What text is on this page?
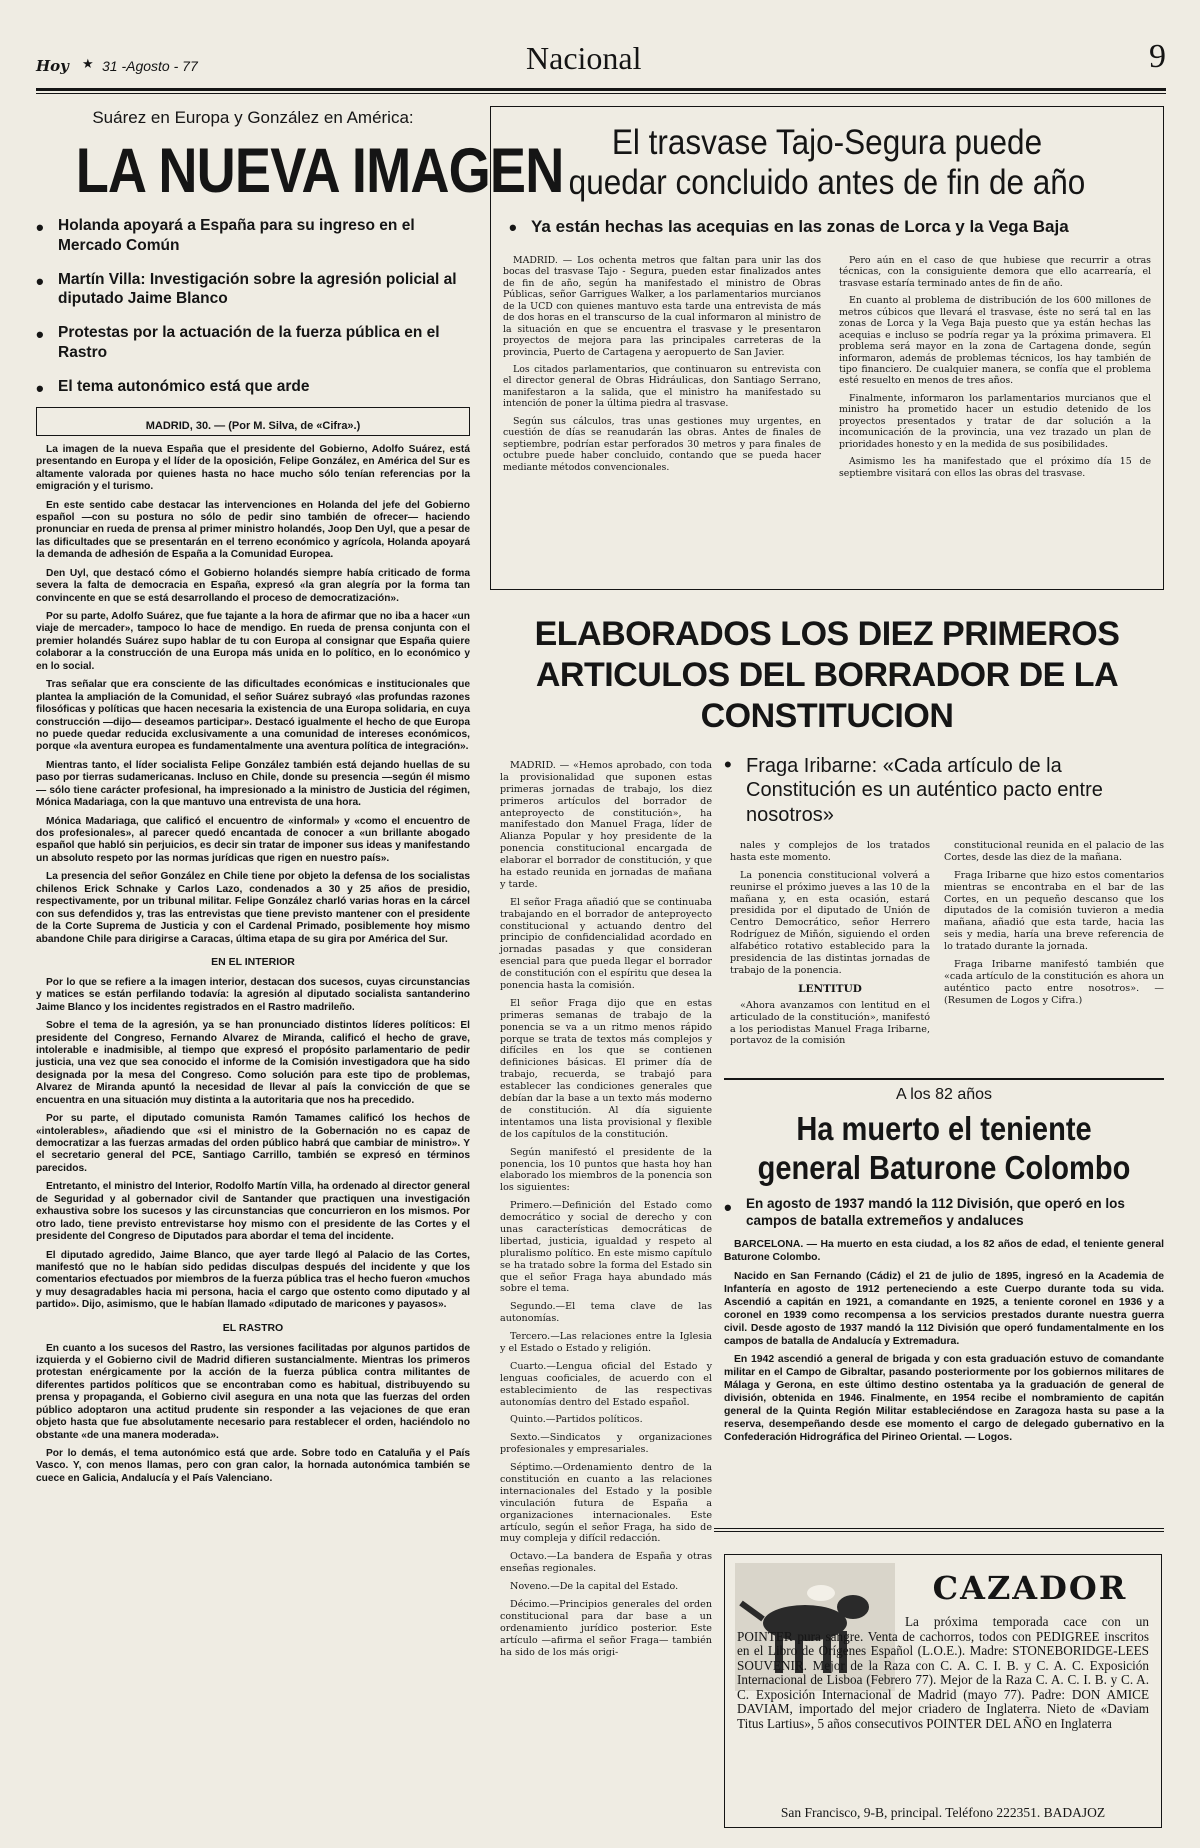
Hoy ★ 31 -Agosto - 77	Nacional	9
Suárez en Europa y González en América:
LA NUEVA IMAGEN
• Holanda apoyará a España para su ingreso en el Mercado Común
• Martín Villa: Investigación sobre la agresión policial al diputado Jaime Blanco
• Protestas por la actuación de la fuerza pública en el Rastro
• El tema autonómico está que arde
MADRID, 30. — (Por M. Silva, de «Cifra».)

La imagen de la nueva España que el presidente del Gobierno, Adolfo Suárez, está presentando en Europa y el líder de la oposición, Felipe González, en América del Sur es altamente valorada por quienes hasta no hace mucho sólo tenían referencias por la emigración y el turismo.

En este sentido cabe destacar las intervenciones en Holanda del jefe del Gobierno español —con su postura no sólo de pedir sino también de ofrecer— haciendo pronunciar en rueda de prensa al primer ministro holandés, Joop Den Uyl, que a pesar de las dificultades que se presentarán en el terreno económico y agrícola, Holanda apoyará la demanda de adhesión de España a la Comunidad Europea.

Den Uyl, que destacó cómo el Gobierno holandés siempre había criticado de forma severa la falta de democracia en España, expresó «la gran alegría por la forma tan convincente en que se está desarrollando el proceso de democratización».

Por su parte, Adolfo Suárez, que fue tajante a la hora de afirmar que no iba a hacer «un viaje de mercader», tampoco lo hace de mendigo. En rueda de prensa conjunta con el premier holandés Suárez supo hablar de tu con Europa al consignar que España quiere colaborar a la construcción de una Europa más unida en lo político, en lo económico y en lo social.

Tras señalar que era consciente de las dificultades económicas e institucionales que plantea la ampliación de la Comunidad, el señor Suárez subrayó «las profundas razones filosóficas y políticas que hacen necesaria la existencia de una Europa solidaria, en cuya construcción —dijo— deseamos participar». Destacó igualmente el hecho de que Europa no puede quedar reducida exclusivamente a una comunidad de intereses económicos, porque «la aventura europea es fundamentalmente una aventura política de integración».

Mientras tanto, el líder socialista Felipe González también está dejando huellas de su paso por tierras sudamericanas. Incluso en Chile, donde su presencia —según él mismo— sólo tiene carácter profesional, ha impresionado a la ministro de Justicia del régimen, Mónica Madariaga, con la que mantuvo una entrevista de una hora.

Mónica Madariaga, que calificó el encuentro de «informal» y «como el encuentro de dos profesionales», al parecer quedó encantada de conocer a «un brillante abogado español que habló sin perjuicios, es decir sin tratar de imponer sus ideas y manifestando un absoluto respeto por las normas jurídicas que rigen en nuestro país».

La presencia del señor González en Chile tiene por objeto la defensa de los socialistas chilenos Erick Schnake y Carlos Lazo, condenados a 30 y 25 años de presidio, respectivamente, por un tribunal militar. Felipe González charló varias horas en la cárcel con sus defendidos y, tras las entrevistas que tiene previsto mantener con el presidente de la Corte Suprema de Justicia y con el Cardenal Primado, posiblemente hoy mismo abandone Chile para dirigirse a Caracas, última etapa de su gira por América del Sur.

EN EL INTERIOR

Por lo que se refiere a la imagen interior, destacan dos sucesos, cuyas circunstancias y matices se están perfilando todavía: la agresión al diputado socialista santanderino Jaime Blanco y los incidentes registrados en el Rastro madrileño.

Sobre el tema de la agresión, ya se han pronunciado distintos líderes políticos: El presidente del Congreso, Fernando Alvarez de Miranda, calificó el hecho de grave, intolerable e inadmisible, al tiempo que expresó el propósito parlamentario de pedir justicia, una vez que sea conocido el informe de la Comisión investigadora que ha sido designada por la mesa del Congreso. Como solución para este tipo de problemas, Alvarez de Miranda apuntó la necesidad de llevar al país la convicción de que se encuentra en una situación muy distinta a la autoritaria que nos ha precedido.

Por su parte, el diputado comunista Ramón Tamames calificó los hechos de «intolerables», añadiendo que «si el ministro de la Gobernación no es capaz de democratizar a las fuerzas armadas del orden público habrá que cambiar de ministro». Y el secretario general del PCE, Santiago Carrillo, también se expresó en términos parecidos.

Entretanto, el ministro del Interior, Rodolfo Martín Villa, ha ordenado al director general de Seguridad y al gobernador civil de Santander que practiquen una investigación exhaustiva sobre los sucesos y las circunstancias que concurrieron en los mismos. Por otro lado, tiene previsto entrevistarse hoy mismo con el presidente de las Cortes y el presidente del Congreso de Diputados para abordar el tema del incidente.

El diputado agredido, Jaime Blanco, que ayer tarde llegó al Palacio de las Cortes, manifestó que no le habían sido pedidas disculpas después del incidente y que los comentarios efectuados por miembros de la fuerza pública tras el hecho fueron «muchos y muy desagradables hacia mi persona, hacia el cargo que ostento como diputado y al partido». Dijo, asimismo, que le habían llamado «diputado de maricones y payasos».

EL RASTRO

En cuanto a los sucesos del Rastro, las versiones facilitadas por algunos partidos de izquierda y el Gobierno civil de Madrid difieren sustancialmente. Mientras los primeros protestan enérgicamente por la acción de la fuerza pública contra militantes de diferentes partidos políticos que se encontraban como es habitual, distribuyendo su prensa y propaganda, el Gobierno civil asegura en una nota que las fuerzas del orden público adoptaron una actitud prudente sin responder a las vejaciones de que eran objeto hasta que fue absolutamente necesario para restablecer el orden, haciéndolo no obstante «de una manera moderada».

Por lo demás, el tema autonómico está que arde. Sobre todo en Cataluña y el País Vasco. Y, con menos llamas, pero con gran calor, la hornada autonómica también se cuece en Galicia, Andalucía y el País Valenciano.

El trasvase Tajo-Segura puede quedar concluido antes de fin de año
• Ya están hechas las acequias en las zonas de Lorca y la Vega Baja

MADRID. — Los ochenta metros que faltan para unir las dos bocas del trasvase Tajo - Segura, pueden estar finalizados antes de fin de año, según ha manifestado el ministro de Obras Públicas, señor Garrigues Walker, a los parlamentarios murcianos de la UCD con quienes mantuvo esta tarde una entrevista de más de dos horas en el transcurso de la cual informaron al ministro de la situación en que se encuentra el trasvase y le presentaron proyectos de mejora para las principales carreteras de la provincia, Puerto de Cartagena y aeropuerto de San Javier.

Los citados parlamentarios, que continuaron su entrevista con el director general de Obras Hidráulicas, don Santiago Serrano, manifestaron a la salida, que el ministro ha manifestado su intención de poner la última piedra al trasvase.

Según sus cálculos, tras unas gestiones muy urgentes, en cuestión de días se reanudarán las obras. Antes de finales de septiembre, podrían estar perforados 30 metros y para finales de octubre puede haber concluido, contando que se pueda hacer mediante métodos convencionales.

Pero aún en el caso de que hubiese que recurrir a otras técnicas, con la consiguiente demora que ello acarrearía, el trasvase estaría terminado antes de fin de año.

En cuanto al problema de distribución de los 600 millones de metros cúbicos que llevará el trasvase, éste no será tal en las zonas de Lorca y la Vega Baja puesto que ya están hechas las acequias e incluso se podría regar ya la próxima primavera. El problema será mayor en la zona de Cartagena donde, según informaron, además de problemas técnicos, los hay también de tipo financiero. De cualquier manera, se confía que el problema esté resuelto en menos de tres años.

Finalmente, informaron los parlamentarios murcianos que el ministro ha prometido hacer un estudio detenido de los proyectos presentados y tratar de dar solución a la incomunicación de la provincia, una vez trazado un plan de prioridades honesto y en la medida de sus posibilidades.

Asimismo les ha manifestado que el próximo día 15 de septiembre visitará con ellos las obras del trasvase.

ELABORADOS LOS DIEZ PRIMEROS ARTICULOS DEL BORRADOR DE LA CONSTITUCION

MADRID. — «Hemos aprobado, con toda la provisionalidad que suponen estas primeras jornadas de trabajo, los diez primeros artículos del borrador de anteproyecto de constitución», ha manifestado don Manuel Fraga, líder de Alianza Popular y hoy presidente de la ponencia constitucional encargada de elaborar el borrador de constitución, y que ha estado reunida en jornadas de mañana y tarde.

El señor Fraga añadió que se continuaba trabajando en el borrador de anteproyecto constitucional y actuando dentro del principio de confidencialidad acordado en jornadas pasadas y que consideran esencial para que pueda llegar el borrador de constitución con el espíritu que desea la ponencia hasta la comisión.

El señor Fraga dijo que en estas primeras semanas de trabajo de la ponencia se va a un ritmo menos rápido porque se trata de textos más complejos y difíciles en los que se contienen definiciones básicas. El primer día de trabajo, recuerda, se trabajó para establecer las condiciones generales que debían dar la base a un texto más moderno de constitución. Al día siguiente intentamos una lista provisional y flexible de los capítulos de la constitución.

Según manifestó el presidente de la ponencia, los 10 puntos que hasta hoy han elaborado los miembros de la ponencia son los siguientes:

Primero.—Definición del Estado como democrático y social de derecho y con unas características democráticas de libertad, justicia, igualdad y respeto al pluralismo político. En este mismo capítulo se ha tratado sobre la forma del Estado sin que el señor Fraga haya abundado más sobre el tema.

Segundo.—El tema clave de las autonomías.

Tercero.—Las relaciones entre la Iglesia y el Estado o Estado y religión.

Cuarto.—Lengua oficial del Estado y lenguas cooficiales, de acuerdo con el establecimiento de las respectivas autonomías dentro del Estado español.

Quinto.—Partidos políticos.

Sexto.—Sindicatos y organizaciones profesionales y empresariales.

Séptimo.—Ordenamiento dentro de la constitución en cuanto a las relaciones internacionales del Estado y la posible vinculación futura de España a organizaciones internacionales. Este artículo, según el señor Fraga, ha sido de muy compleja y difícil redacción.

Octavo.—La bandera de España y otras enseñas regionales.

Noveno.—De la capital del Estado.

Décimo.—Principios generales del orden constitucional para dar base a un ordenamiento jurídico posterior. Este artículo —afirma el señor Fraga— también ha sido de los más origi-

• Fraga Iribarne: «Cada artículo de la Constitución es un auténtico pacto entre nosotros»

nales y complejos de los tratados hasta este momento.

La ponencia constitucional volverá a reunirse el próximo jueves a las 10 de la mañana y, en esta ocasión, estará presidida por el diputado de Unión de Centro Democrático, señor Herrero Rodríguez de Miñón, siguiendo el orden alfabético rotativo establecido para la presidencia de las distintas jornadas de trabajo de la ponencia.

LENTITUD

«Ahora avanzamos con lentitud en el articulado de la constitución», manifestó a los periodistas Manuel Fraga Iribarne, portavoz de la comisión

constitucional reunida en el palacio de las Cortes, desde las diez de la mañana.

Fraga Iribarne que hizo estos comentarios mientras se encontraba en el bar de las Cortes, en un pequeño descanso que los diputados de la comisión tuvieron a media mañana, añadió que esta tarde, hacia las seis y media, haría una breve referencia de lo tratado durante la jornada.

Fraga Iribarne manifestó también que «cada artículo de la constitución es ahora un auténtico pacto entre nosotros». — (Resumen de Logos y Cifra.)

A los 82 años
Ha muerto el teniente general Baturone Colombo
• En agosto de 1937 mandó la 112 División, que operó en los campos de batalla extremeños y andaluces

BARCELONA. — Ha muerto en esta ciudad, a los 82 años de edad, el teniente general Baturone Colombo.

Nacido en San Fernando (Cádiz) el 21 de julio de 1895, ingresó en la Academia de Infantería en agosto de 1912 perteneciendo a este Cuerpo durante toda su vida. Ascendió a capitán en 1921, a comandante en 1925, a teniente coronel en 1936 y a coronel en 1939 como recompensa a los servicios prestados durante nuestra guerra civil. Desde agosto de 1937 mandó la 112 División que operó fundamentalmente en los campos de batalla de Andalucía y Extremadura.

En 1942 ascendió a general de brigada y con esta graduación estuvo de comandante militar en el Campo de Gibraltar, pasando posteriormente por los gobiernos militares de Málaga y Gerona, en este último destino ostentaba ya la graduación de general de división, obtenida en 1946. Finalmente, en 1954 recibe el nombramiento de capitán general de la Quinta Región Militar estableciéndose en Zaragoza hasta su pase a la reserva, desempeñando desde ese momento el cargo de delegado gubernativo en la Confederación Hidrográfica del Pirineo Oriental. — Logos.

CAZADOR
La próxima temporada cace con un POINTER pura sangre. Venta de cachorros, todos con PEDIGREE inscritos en el Libro de Orígenes Español (L.O.E.). Madre: STONEBORIDGE-LEES SOUVENIR. Mejor de la Raza con C. A. C. I. B. y C. A. C. Exposición Internacional de Lisboa (Febrero 77). Mejor de la Raza C. A. C. I. B. y C. A. C. Exposición Internacional de Madrid (mayo 77). Padre: DON AMICE DAVIAM, importado del mejor criadero de Inglaterra. Nieto de «Daviam Titus Lartius», 5 años consecutivos POINTER DEL AÑO en Inglaterra
San Francisco, 9-B, principal. Teléfono 222351. BADAJOZ
